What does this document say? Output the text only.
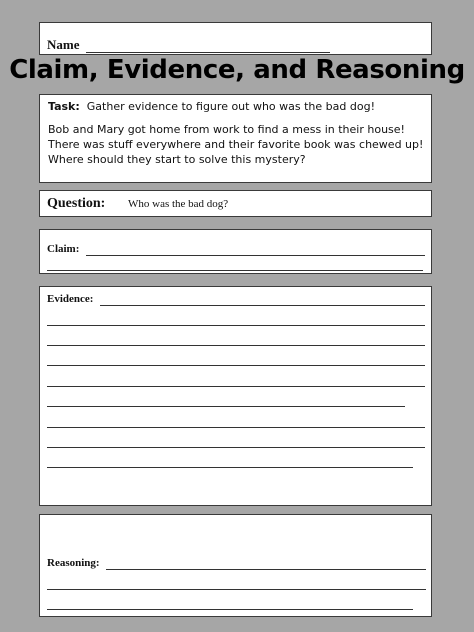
Name
Claim, Evidence, and Reasoning

Task: Gather evidence to figure out who was the bad dog!

Bob and Mary got home from work to find a mess in their house! There was stuff everywhere and their favorite book was chewed up! Where should they start to solve this mystery?

Question: Who was the bad dog?
Claim:
Evidence:
Reasoning:
